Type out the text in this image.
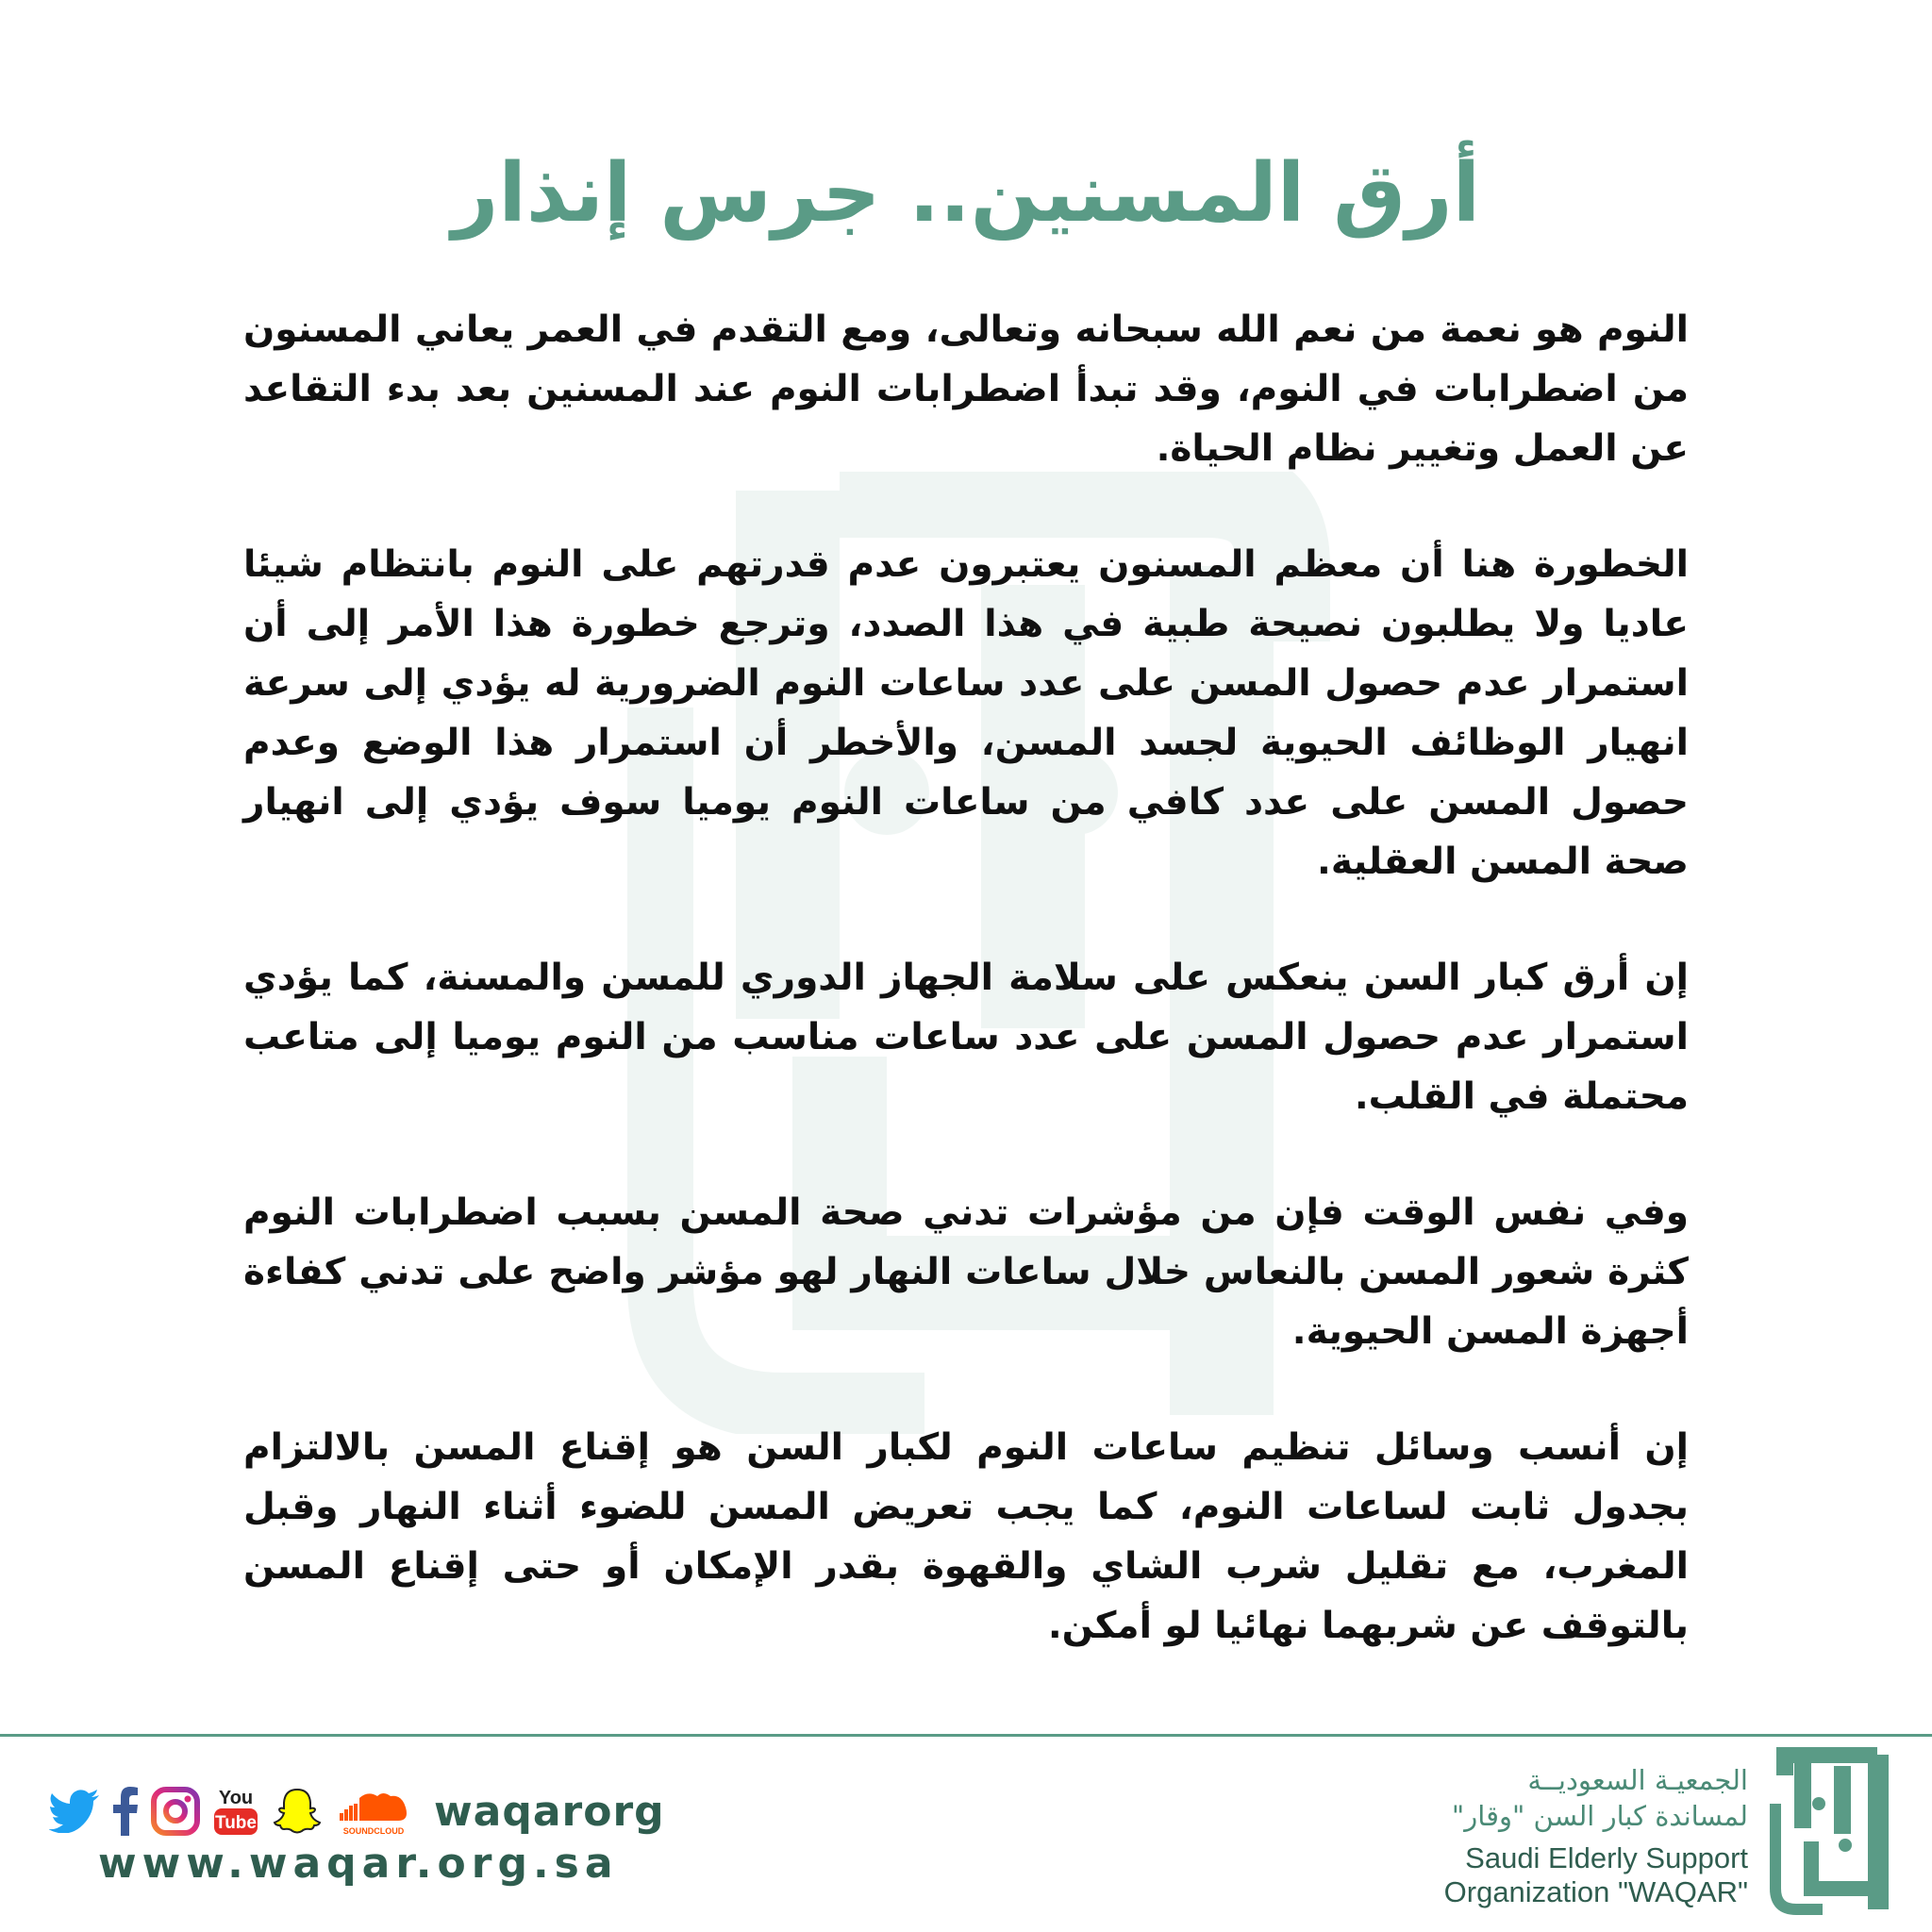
أرق المسنين.. جرس إنذار

النوم هو نعمة من نعم الله سبحانه وتعالى، ومع التقدم في العمر يعاني المسنون من اضطرابات في النوم، وقد تبدأ اضطرابات النوم عند المسنين بعد بدء التقاعد عن العمل وتغيير نظام الحياة.

الخطورة هنا أن معظم المسنون يعتبرون عدم قدرتهم على النوم بانتظام شيئا عاديا ولا يطلبون نصيحة طبية في هذا الصدد، وترجع خطورة هذا الأمر إلى أن استمرار عدم حصول المسن على عدد ساعات النوم الضرورية له يؤدي إلى سرعة انهيار الوظائف الحيوية لجسد المسن، والأخطر أن استمرار هذا الوضع وعدم حصول المسن على عدد كافي من ساعات النوم يوميا سوف يؤدي إلى انهيار صحة المسن العقلية.

إن أرق كبار السن ينعكس على سلامة الجهاز الدوري للمسن والمسنة، كما يؤدي استمرار عدم حصول المسن على عدد ساعات مناسب من النوم يوميا إلى متاعب محتملة في القلب.

وفي نفس الوقت فإن من مؤشرات تدني صحة المسن بسبب اضطرابات النوم كثرة شعور المسن بالنعاس خلال ساعات النهار لهو مؤشر واضح على تدني كفاءة أجهزة المسن الحيوية.

إن أنسب وسائل تنظيم ساعات النوم لكبار السن هو إقناع المسن بالالتزام بجدول ثابت لساعات النوم، كما يجب تعريض المسن للضوء أثناء النهار وقبل المغرب، مع تقليل شرب الشاي والقهوة بقدر الإمكان أو حتى إقناع المسن بالتوقف عن شربهما نهائيا لو أمكن.

You
Tube	SOUNDCLOUD waqarorg
www.waqar.org.sa
الجمعيـة السعوديــة
لمساندة كبار السن "وقار"
Saudi Elderly Support
Organization "WAQAR"
